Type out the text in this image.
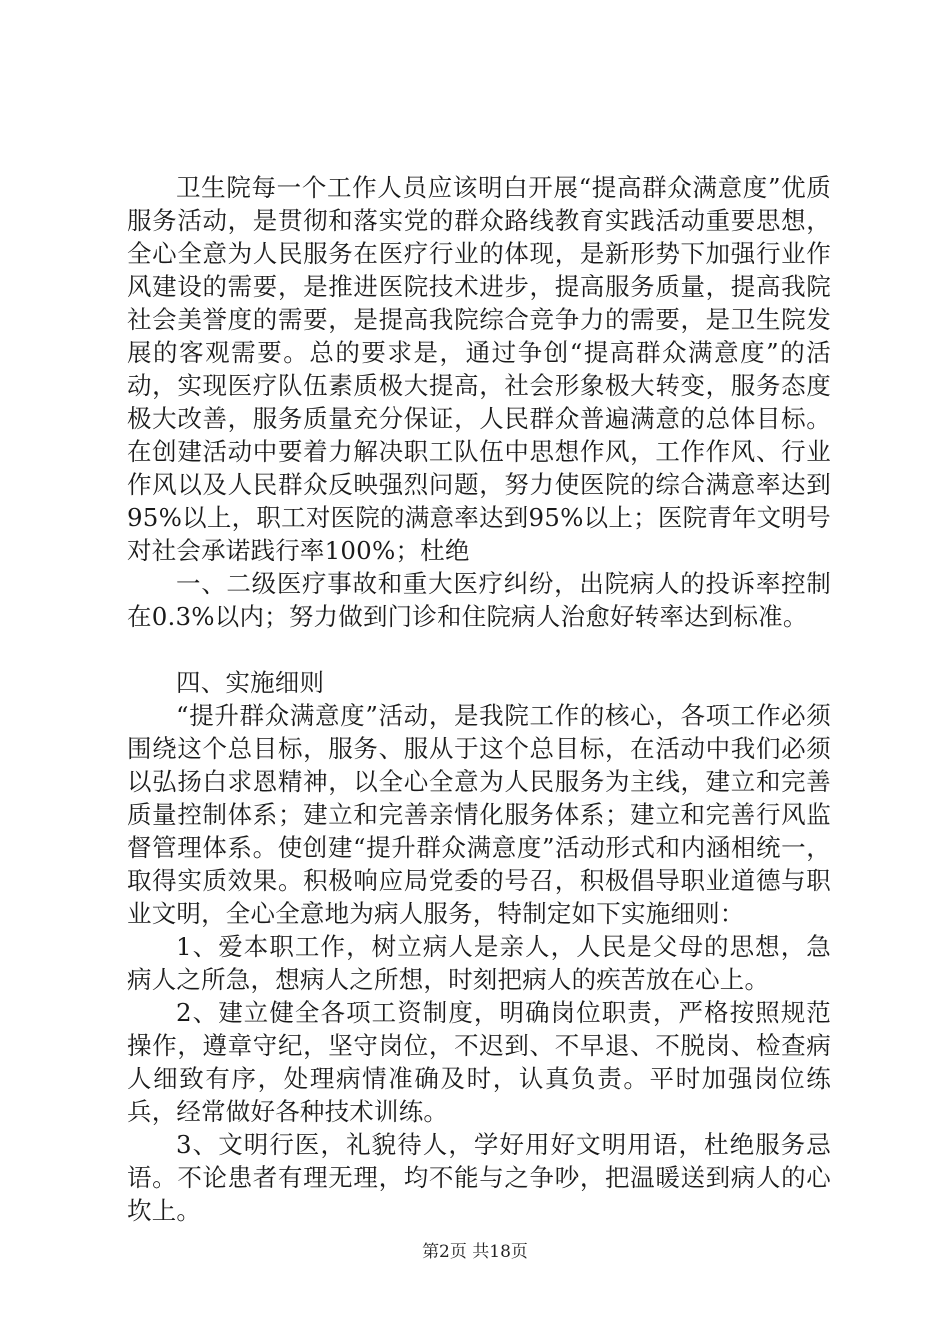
卫生院每一个工作人员应该明白开展“提高群众满意度”优质服务活动，是贯彻和落实党的群众路线教育实践活动重要思想，全心全意为人民服务在医疗行业的体现，是新形势下加强行业作风建设的需要，是推进医院技术进步，提高服务质量，提高我院社会美誉度的需要，是提高我院综合竞争力的需要，是卫生院发展的客观需要。总的要求是，通过争创“提高群众满意度”的活动，实现医疗队伍素质极大提高，社会形象极大转变，服务态度极大改善，服务质量充分保证，人民群众普遍满意的总体目标。在创建活动中要着力解决职工队伍中思想作风，工作作风、行业作风以及人民群众反映强烈问题，努力使医院的综合满意率达到95%以上，职工对医院的满意率达到95%以上；医院青年文明号对社会承诺践行率100%；杜绝

一、二级医疗事故和重大医疗纠纷，出院病人的投诉率控制在0.3%以内；努力做到门诊和住院病人治愈好转率达到标准。

四、实施细则

“提升群众满意度”活动，是我院工作的核心，各项工作必须围绕这个总目标，服务、服从于这个总目标，在活动中我们必须以弘扬白求恩精神，以全心全意为人民服务为主线，建立和完善质量控制体系；建立和完善亲情化服务体系；建立和完善行风监督管理体系。使创建“提升群众满意度”活动形式和内涵相统一，取得实质效果。积极响应局党委的号召，积极倡导职业道德与职业文明，全心全意地为病人服务，特制定如下实施细则：

1、爱本职工作，树立病人是亲人，人民是父母的思想，急病人之所急，想病人之所想，时刻把病人的疾苦放在心上。

2、建立健全各项工资制度，明确岗位职责，严格按照规范操作，遵章守纪，坚守岗位，不迟到、不早退、不脱岗、检查病人细致有序，处理病情准确及时，认真负责。平时加强岗位练兵，经常做好各种技术训练。

3、文明行医，礼貌待人，学好用好文明用语，杜绝服务忌语。不论患者有理无理，均不能与之争吵，把温暖送到病人的心坎上。

第2页 共18页
